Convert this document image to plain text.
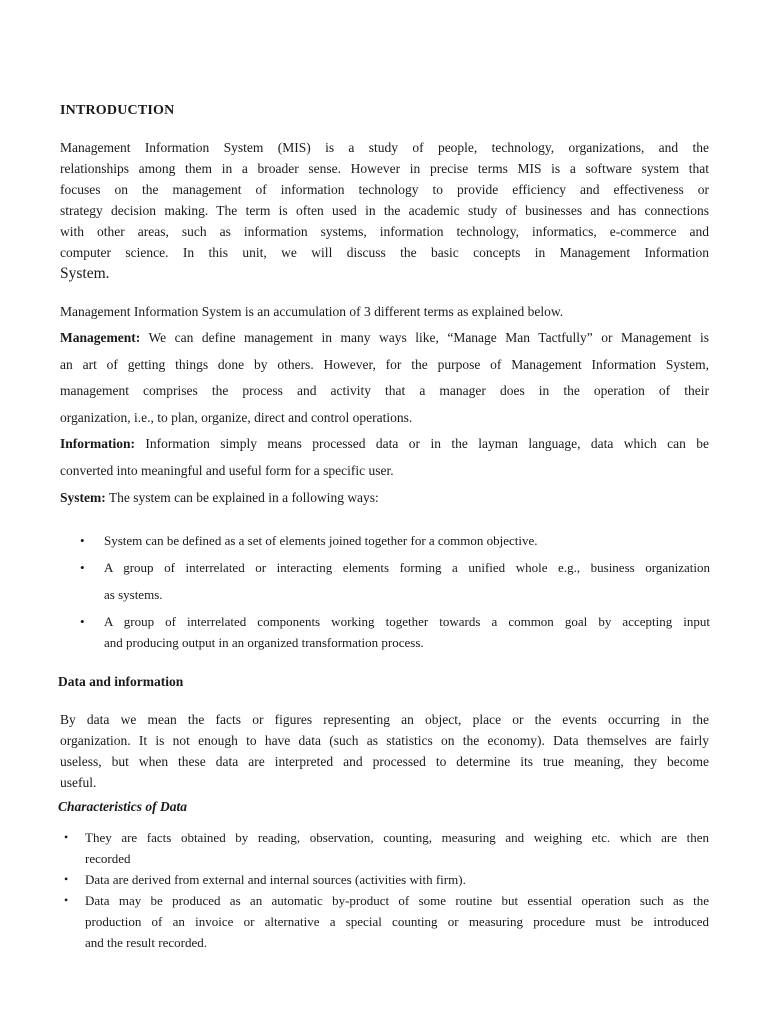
INTRODUCTION
Management Information System (MIS) is a study of people, technology, organizations, and the
relationships among them in a broader sense. However in precise terms MIS is a software system that
focuses on the management of information technology to provide efficiency and effectiveness or
strategy decision making. The term is often used in the academic study of businesses and has connections
with other areas, such as information systems, information technology, informatics, e-commerce and
computer science. In this unit, we will discuss the basic concepts in Management Information
System.
Management Information System is an accumulation of 3 different terms as explained below.
Management: We can define management in many ways like, “Manage Man Tactfully” or Management is
an art of getting things done by others. However, for the purpose of Management Information System,
management comprises the process and activity that a manager does in the operation of their
organization, i.e., to plan, organize, direct and control operations.
Information: Information simply means processed data or in the layman language, data which can be
converted into meaningful and useful form for a specific user.
System: The system can be explained in a following ways:
• System can be defined as a set of elements joined together for a common objective.
• A group of interrelated or interacting elements forming a unified whole e.g., business organization
as systems.
• A group of interrelated components working together towards a common goal by accepting input
and producing output in an organized transformation process.
Data and information
By data we mean the facts or figures representing an object, place or the events occurring in the
organization. It is not enough to have data (such as statistics on the economy). Data themselves are fairly
useless, but when these data are interpreted and processed to determine its true meaning, they become
useful.
Characteristics of Data
• They are facts obtained by reading, observation, counting, measuring and weighing etc. which are then
recorded
• Data are derived from external and internal sources (activities with firm).
• Data may be produced as an automatic by-product of some routine but essential operation such as the
production of an invoice or alternative a special counting or measuring procedure must be introduced
and the result recorded.
